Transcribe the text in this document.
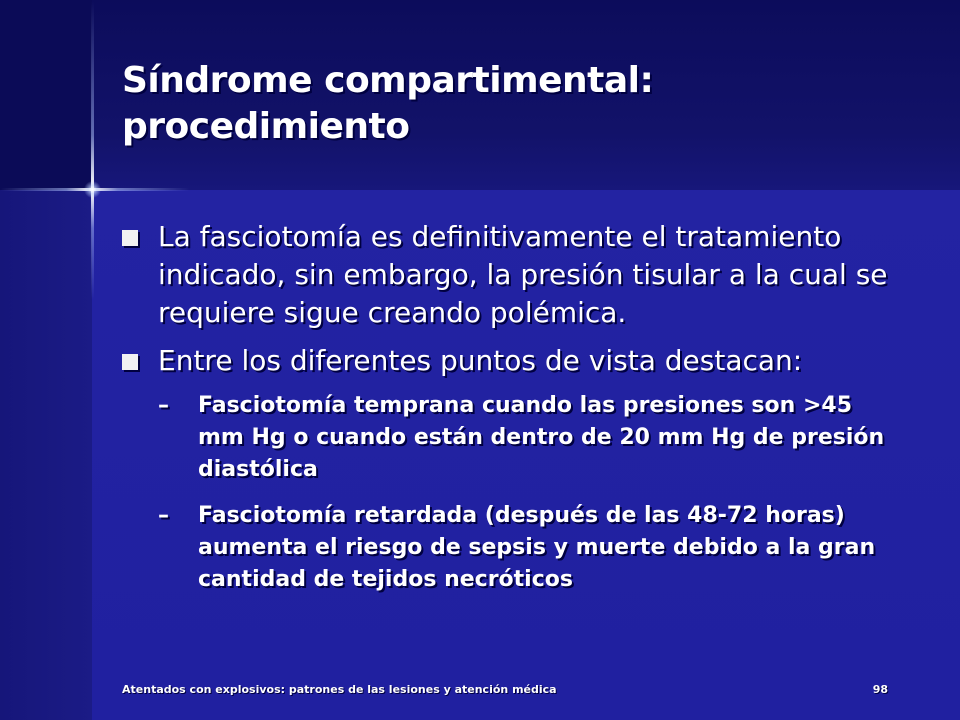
Síndrome compartimental:
procedimiento
La fasciotomía es definitivamente el tratamiento indicado, sin embargo, la presión tisular a la cual se requiere sigue creando polémica.
Entre los diferentes puntos de vista destacan:
–	Fasciotomía temprana cuando las presiones son >45 mm Hg o cuando están dentro de 20 mm Hg de presión diastólica
–	Fasciotomía retardada (después de las 48-72 horas) aumenta el riesgo de sepsis y muerte debido a la gran cantidad de tejidos necróticos
Atentados con explosivos: patrones de las lesiones y atención médica	98
